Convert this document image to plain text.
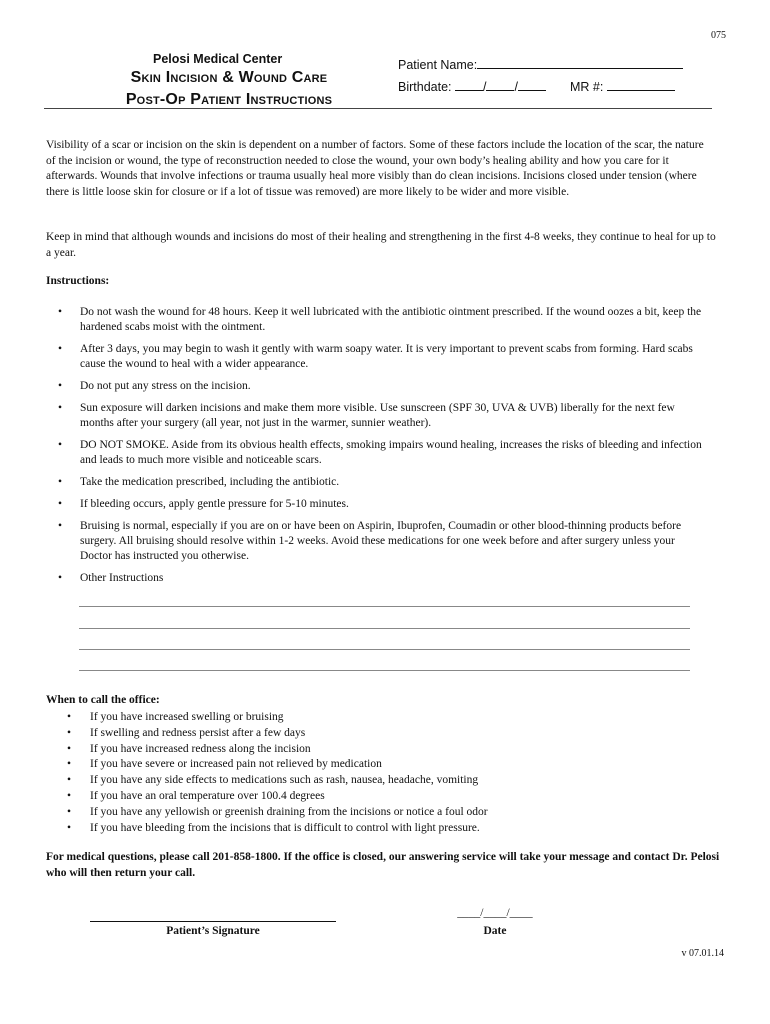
075
Pelosi Medical Center
Skin Incision & Wound Care
Post-Op Patient Instructions
Patient Name:
Birthdate:	/ /	MR #:
Visibility of a scar or incision on the skin is dependent on a number of factors. Some of these factors include the location of the scar, the nature of the incision or wound, the type of reconstruction needed to close the wound, your own body’s healing ability and how you care for it afterwards. Wounds that involve infections or trauma usually heal more visibly than do clean incisions. Incisions closed under tension (where there is little loose skin for closure or if a lot of tissue was removed) are more likely to be wider and more visible.
Keep in mind that although wounds and incisions do most of their healing and strengthening in the first 4-8 weeks, they continue to heal for up to a year.
Instructions:
• Do not wash the wound for 48 hours. Keep it well lubricated with the antibiotic ointment prescribed. If the wound oozes a bit, keep the hardened scabs moist with the ointment.
• After 3 days, you may begin to wash it gently with warm soapy water. It is very important to prevent scabs from forming. Hard scabs cause the wound to heal with a wider appearance.
• Do not put any stress on the incision.
• Sun exposure will darken incisions and make them more visible. Use sunscreen (SPF 30, UVA & UVB) liberally for the next few months after your surgery (all year, not just in the warmer, sunnier weather).
• DO NOT SMOKE. Aside from its obvious health effects, smoking impairs wound healing, increases the risks of bleeding and infection and leads to much more visible and noticeable scars.
• Take the medication prescribed, including the antibiotic.
• If bleeding occurs, apply gentle pressure for 5-10 minutes.
• Bruising is normal, especially if you are on or have been on Aspirin, Ibuprofen, Coumadin or other blood-thinning products before surgery. All bruising should resolve within 1-2 weeks. Avoid these medications for one week before and after surgery unless your Doctor has instructed you otherwise.
• Other Instructions
When to call the office:
• If you have increased swelling or bruising
• If swelling and redness persist after a few days
• If you have increased redness along the incision
• If you have severe or increased pain not relieved by medication
• If you have any side effects to medications such as rash, nausea, headache, vomiting
• If you have an oral temperature over 100.4 degrees
• If you have any yellowish or greenish draining from the incisions or notice a foul odor
• If you have bleeding from the incisions that is difficult to control with light pressure.
For medical questions, please call 201-858-1800. If the office is closed, our answering service will take your message and contact Dr. Pelosi who will then return your call.
Patient’s Signature
____/____/____
Date
v 07.01.14
